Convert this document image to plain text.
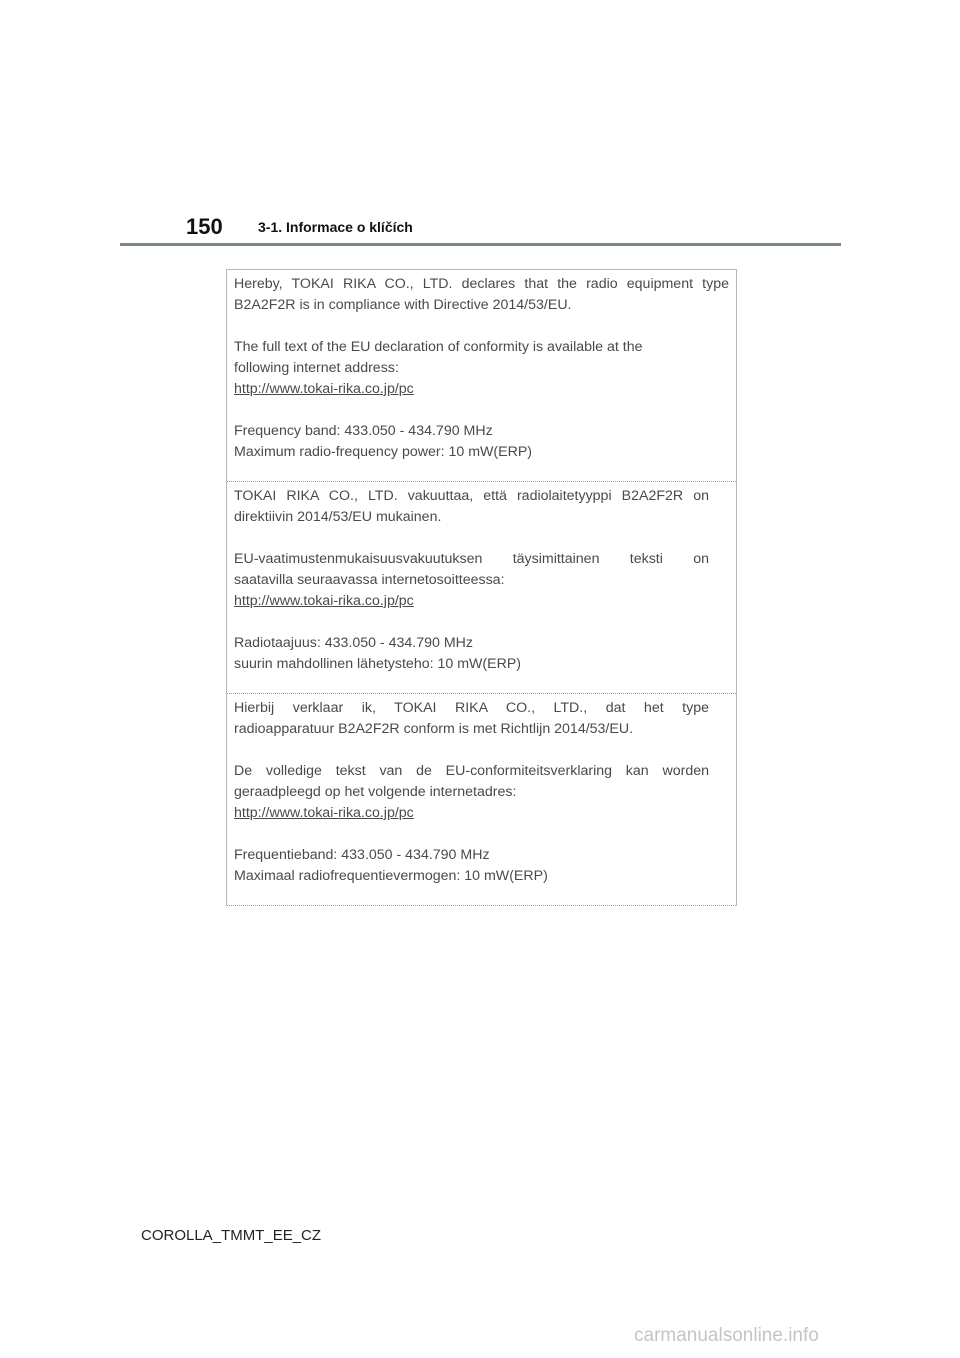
150	3-1. Informace o klíčích

Hereby, TOKAI RIKA CO., LTD. declares that the radio equipment type

B2A2F2R is in compliance with Directive 2014/53/EU.

The full text of the EU declaration of conformity is available at the

following internet address:

http://www.tokai-rika.co.jp/pc

Frequency band: 433.050 - 434.790 MHz

Maximum radio-frequency power: 10 mW(ERP)

TOKAI RIKA CO., LTD. vakuuttaa, että radiolaitetyyppi B2A2F2R on

direktiivin 2014/53/EU mukainen.

EU-vaatimustenmukaisuusvakuutuksen täysimittainen teksti on

saatavilla seuraavassa internetosoitteessa:

http://www.tokai-rika.co.jp/pc

Radiotaajuus: 433.050 - 434.790 MHz

suurin mahdollinen lähetysteho: 10 mW(ERP)

Hierbij verklaar ik, TOKAI RIKA CO., LTD., dat het type

radioapparatuur B2A2F2R conform is met Richtlijn 2014/53/EU.

De volledige tekst van de EU-conformiteitsverklaring kan worden

geraadpleegd op het volgende internetadres:

http://www.tokai-rika.co.jp/pc

Frequentieband: 433.050 - 434.790 MHz

Maximaal radiofrequentievermogen: 10 mW(ERP)

COROLLA_TMMT_EE_CZ
carmanualsonline.info
